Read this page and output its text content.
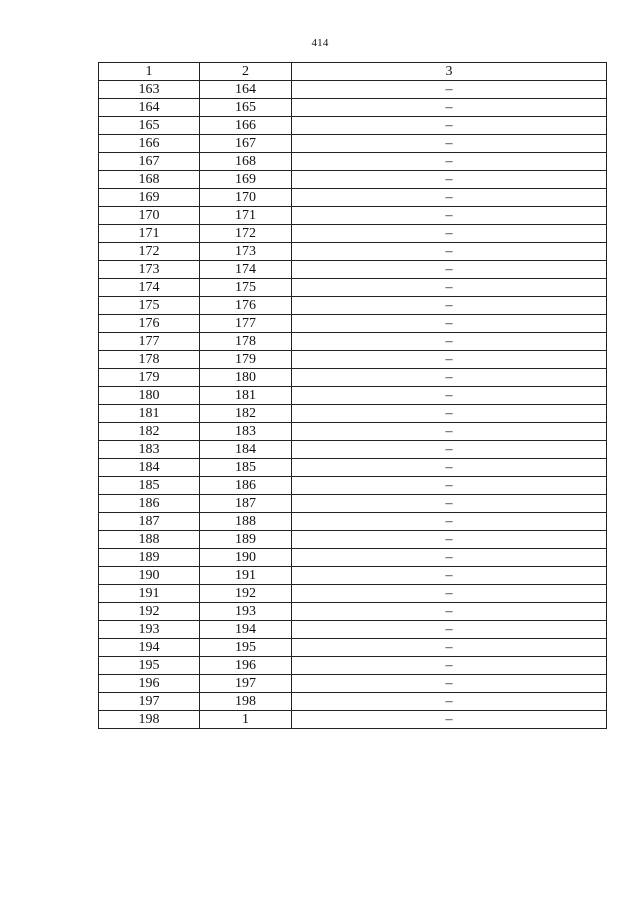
414
1	2	3
163	164	–
164	165	–
165	166	–
166	167	–
167	168	–
168	169	–
169	170	–
170	171	–
171	172	–
172	173	–
173	174	–
174	175	–
175	176	–
176	177	–
177	178	–
178	179	–
179	180	–
180	181	–
181	182	–
182	183	–
183	184	–
184	185	–
185	186	–
186	187	–
187	188	–
188	189	–
189	190	–
190	191	–
191	192	–
192	193	–
193	194	–
194	195	–
195	196	–
196	197	–
197	198	–
198	1	–
